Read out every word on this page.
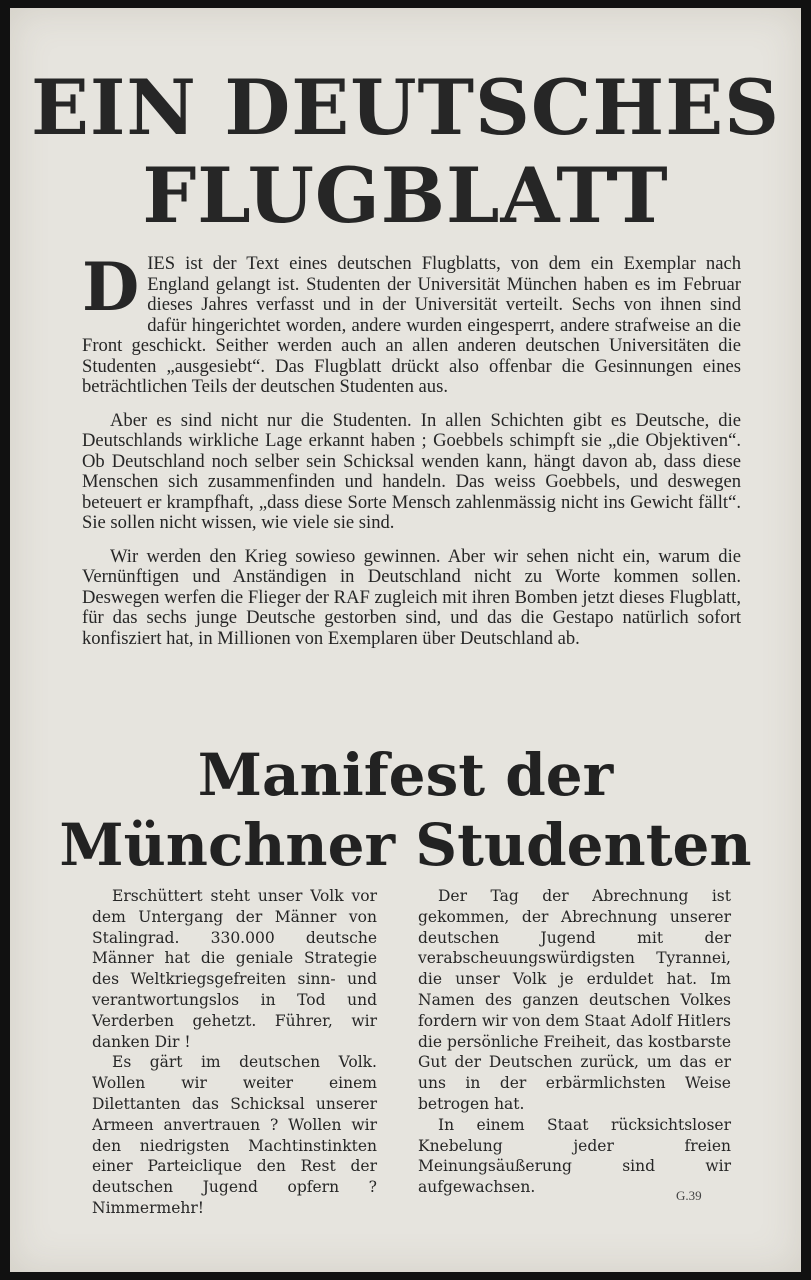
EIN DEUTSCHES
FLUGBLATT

DIES ist der Text eines deutschen Flugblatts, von dem ein Exemplar nach England gelangt ist. Studenten der Universität München haben es im Februar dieses Jahres verfasst und in der Universität verteilt. Sechs von ihnen sind dafür hingerichtet worden, andere wurden eingesperrt, andere strafweise an die Front geschickt. Seither werden auch an allen anderen deutschen Universitäten die Studenten „ausgesiebt“. Das Flugblatt drückt also offenbar die Gesinnungen eines beträchtlichen Teils der deutschen Studenten aus.

Aber es sind nicht nur die Studenten. In allen Schichten gibt es Deutsche, die Deutschlands wirkliche Lage erkannt haben ; Goebbels schimpft sie „die Objektiven“. Ob Deutschland noch selber sein Schicksal wenden kann, hängt davon ab, dass diese Menschen sich zusammenfinden und handeln. Das weiss Goebbels, und deswegen beteuert er krampfhaft, „dass diese Sorte Mensch zahlenmässig nicht ins Gewicht fällt“. Sie sollen nicht wissen, wie viele sie sind.

Wir werden den Krieg sowieso gewinnen. Aber wir sehen nicht ein, warum die Vernünftigen und Anständigen in Deutschland nicht zu Worte kommen sollen. Deswegen werfen die Flieger der RAF zugleich mit ihren Bomben jetzt dieses Flugblatt, für das sechs junge Deutsche gestorben sind, und das die Gestapo natürlich sofort konfisziert hat, in Millionen von Exemplaren über Deutschland ab.

Manifest der
Münchner Studenten

Erschüttert steht unser Volk vor dem Untergang der Männer von Stalingrad. 330.000 deutsche Männer hat die geniale Strategie des Weltkriegsgefreiten sinn- und verantwortungslos in Tod und Verderben gehetzt. Führer, wir danken Dir !

Es gärt im deutschen Volk. Wollen wir weiter einem Dilettanten das Schicksal unserer Armeen anvertrauen ? Wollen wir den niedrigsten Machtinstinkten einer Parteiclique den Rest der deutschen Jugend opfern ? Nimmermehr!

Der Tag der Abrechnung ist gekommen, der Abrechnung unserer deutschen Jugend mit der verabscheuungswürdigsten Tyrannei, die unser Volk je erduldet hat. Im Namen des ganzen deutschen Volkes fordern wir von dem Staat Adolf Hitlers die persönliche Freiheit, das kostbarste Gut der Deutschen zurück, um das er uns in der erbärmlichsten Weise betrogen hat.

In einem Staat rücksichtsloser Knebelung jeder freien Meinungsäußerung sind wir aufgewachsen.	G.39
